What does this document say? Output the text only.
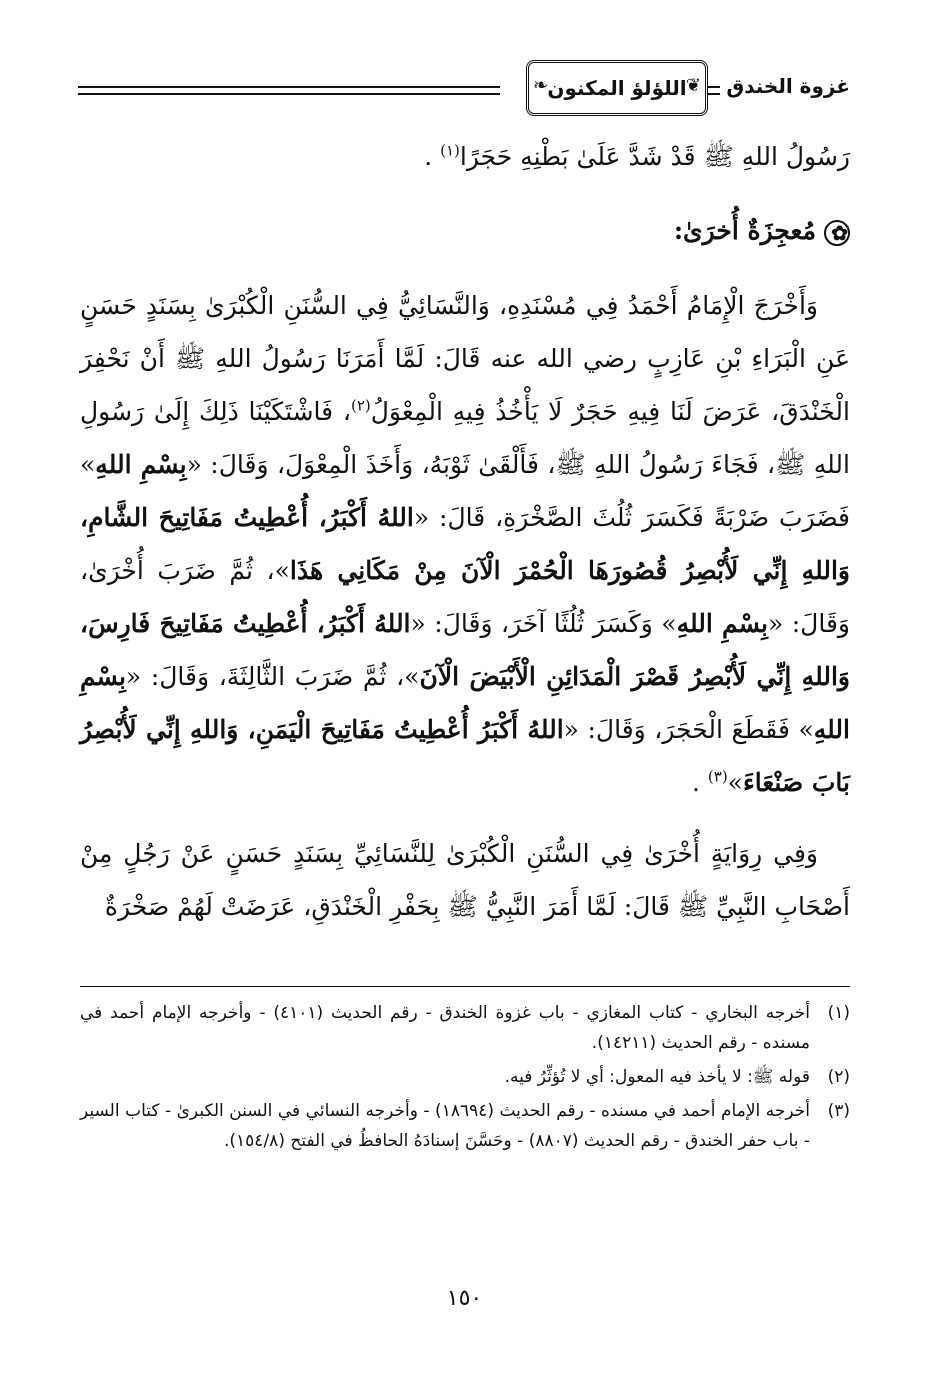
غزوة الخندق
❦
اللؤلؤ المكنون
❧

رَسُولُ اللهِ ﷺ قَدْ شَدَّ عَلَىٰ بَطْنِهِ حَجَرًا$^{(١)}$ .

✿مُعجِزَةٌ أُخرَىٰ:

وَأَخْرَجَ الْإِمَامُ أَحْمَدُ فِي مُسْنَدِهِ، وَالنَّسَائِيُّ فِي السُّنَنِ الْكُبْرَىٰ بِسَنَدٍ حَسَنٍ عَنِ الْبَرَاءِ بْنِ عَازِبٍ رضي الله عنه قَالَ: لَمَّا أَمَرَنَا رَسُولُ اللهِ ﷺ أَنْ نَحْفِرَ الْخَنْدَقَ، عَرَضَ لَنَا فِيهِ حَجَرٌ لَا يَأْخُذُ فِيهِ الْمِعْوَلُ$^{(٢)}$، فَاشْتَكَيْنَا ذَلِكَ إِلَىٰ رَسُولِ اللهِ ﷺ، فَجَاءَ رَسُولُ اللهِ ﷺ، فَأَلْقَىٰ ثَوْبَهُ، وَأَخَذَ الْمِعْوَلَ، وَقَالَ: «بِسْمِ اللهِ» فَضَرَبَ ضَرْبَةً فَكَسَرَ ثُلُثَ الصَّخْرَةِ، قَالَ: «اللهُ أَكْبَرُ، أُعْطِيتُ مَفَاتِيحَ الشَّامِ، وَاللهِ إِنِّي لَأُبْصِرُ قُصُورَهَا الْحُمْرَ الْآنَ مِنْ مَكَانِي هَذَا»، ثُمَّ ضَرَبَ أُخْرَىٰ، وَقَالَ: «بِسْمِ اللهِ» وَكَسَرَ ثُلُثًا آخَرَ، وَقَالَ: «اللهُ أَكْبَرُ، أُعْطِيتُ مَفَاتِيحَ فَارِسَ، وَاللهِ إِنِّي لَأُبْصِرُ قَصْرَ الْمَدَائِنِ الْأَبْيَضَ الْآنَ»، ثُمَّ ضَرَبَ الثَّالِثَةَ، وَقَالَ: «بِسْمِ اللهِ» فَقَطَعَ الْحَجَرَ، وَقَالَ: «اللهُ أَكْبَرُ أُعْطِيتُ مَفَاتِيحَ الْيَمَنِ، وَاللهِ إِنِّي لَأُبْصِرُ بَابَ صَنْعَاءَ»$^{(٣)}$ .

وَفِي رِوَايَةٍ أُخْرَىٰ فِي السُّنَنِ الْكُبْرَىٰ لِلنَّسَائِيِّ بِسَنَدٍ حَسَنٍ عَنْ رَجُلٍ مِنْ أَصْحَابِ النَّبِيِّ ﷺ قَالَ: لَمَّا أَمَرَ النَّبِيُّ ﷺ بِحَفْرِ الْخَنْدَقِ، عَرَضَتْ لَهُمْ صَخْرَةٌ

(١)
أخرجه البخاري - كتاب المغازي - باب غزوة الخندق - رقم الحديث (٤١٠١) - وأخرجه الإمام أحمد في مسنده - رقم الحديث (١٤٢١١).
(٢)
قوله ﷺ: لا يأخذ فيه المعول: أي لا تُؤثِّرُ فيه.
(٣)
أخرجه الإمام أحمد في مسنده - رقم الحديث (١٨٦٩٤) - وأخرجه النسائي في السنن الكبرىٰ - كتاب السير - باب حفر الخندق - رقم الحديث (٨٨٠٧) - وحَسَّنَ إسنادَهُ الحافظُ في الفتح (١٥٤/٨).
١٥٠
